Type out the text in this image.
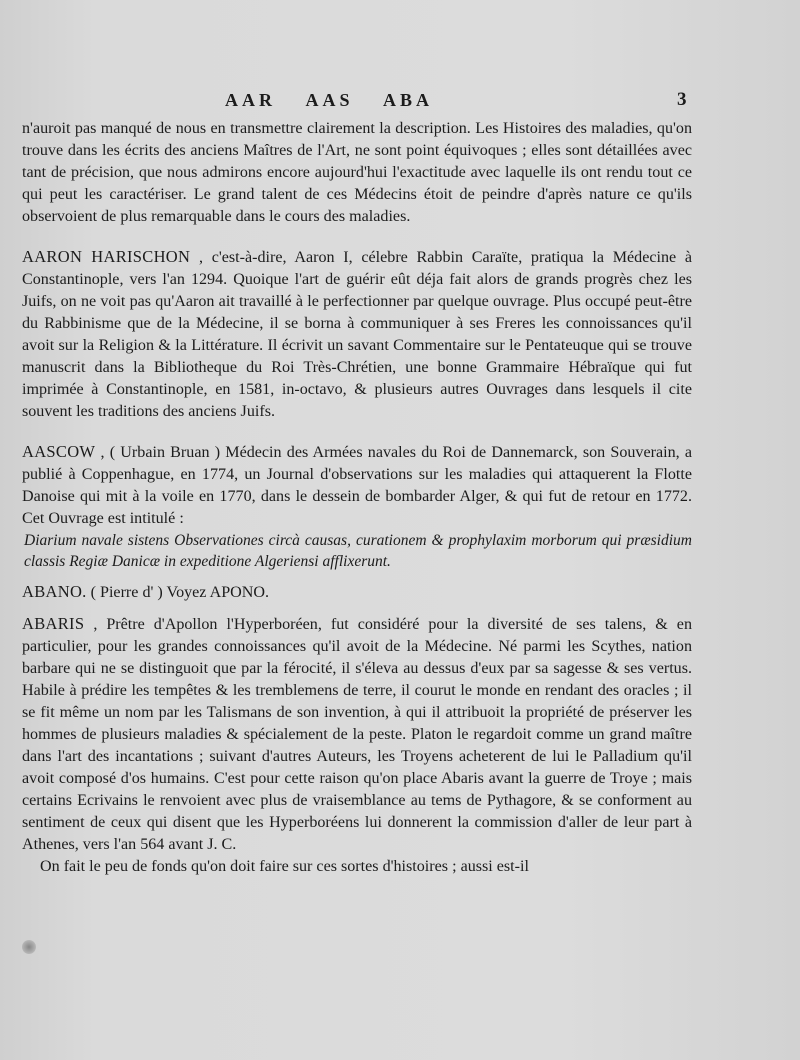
AAR AAS ABA	3

n'auroit pas manqué de nous en transmettre clairement la description. Les Histoires des maladies, qu'on trouve dans les écrits des anciens Maîtres de l'Art, ne sont point équivoques ; elles sont détaillées avec tant de précision, que nous admirons encore aujourd'hui l'exactitude avec laquelle ils ont rendu tout ce qui peut les caractériser. Le grand talent de ces Médecins étoit de peindre d'après nature ce qu'ils observoient de plus remarquable dans le cours des maladies.

AARON HARISCHON , c'est-à-dire, Aaron I, célebre Rabbin Caraïte, pratiqua la Médecine à Constantinople, vers l'an 1294. Quoique l'art de guérir eût déja fait alors de grands progrès chez les Juifs, on ne voit pas qu'Aaron ait travaillé à le perfectionner par quelque ouvrage. Plus occupé peut-être du Rabbinisme que de la Médecine, il se borna à communiquer à ses Freres les connoissances qu'il avoit sur la Religion & la Littérature. Il écrivit un savant Commentaire sur le Pentateuque qui se trouve manuscrit dans la Bibliotheque du Roi Très-Chrétien, une bonne Grammaire Hébraïque qui fut imprimée à Constantinople, en 1581, in-octavo, & plusieurs autres Ouvrages dans lesquels il cite souvent les traditions des anciens Juifs.

AASCOW , ( Urbain Bruan ) Médecin des Armées navales du Roi de Dannemarck, son Souverain, a publié à Coppenhague, en 1774, un Journal d'observations sur les maladies qui attaquerent la Flotte Danoise qui mit à la voile en 1770, dans le dessein de bombarder Alger, & qui fut de retour en 1772. Cet Ouvrage est intitulé :

Diarium navale sistens Observationes circà causas, curationem & prophylaxim morborum qui præsidium classis Regiæ Danicæ in expeditione Algeriensi afflixerunt.

ABANO. ( Pierre d' ) Voyez APONO.

ABARIS , Prêtre d'Apollon l'Hyperboréen, fut considéré pour la diversité de ses talens, & en particulier, pour les grandes connoissances qu'il avoit de la Médecine. Né parmi les Scythes, nation barbare qui ne se distinguoit que par la férocité, il s'éleva au dessus d'eux par sa sagesse & ses vertus. Habile à prédire les tempêtes & les tremblemens de terre, il courut le monde en rendant des oracles ; il se fit même un nom par les Talismans de son invention, à qui il attribuoit la propriété de préserver les hommes de plusieurs maladies & spécialement de la peste. Platon le regardoit comme un grand maître dans l'art des incantations ; suivant d'autres Auteurs, les Troyens acheterent de lui le Palladium qu'il avoit composé d'os humains. C'est pour cette raison qu'on place Abaris avant la guerre de Troye ; mais certains Ecrivains le renvoient avec plus de vraisemblance au tems de Pythagore, & se conforment au sentiment de ceux qui disent que les Hyperboréens lui donnerent la commission d'aller de leur part à Athenes, vers l'an 564 avant J. C.

On fait le peu de fonds qu'on doit faire sur ces sortes d'histoires ; aussi est-il
